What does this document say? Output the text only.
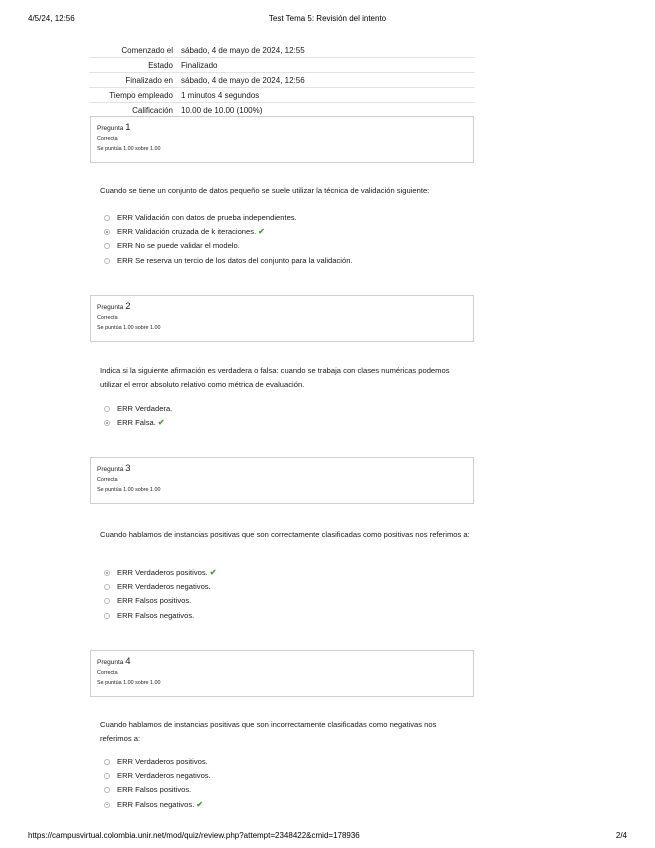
4/5/24, 12:56	Test Tema 5: Revisión del intento
Comenzado el	sábado, 4 de mayo de 2024, 12:55
Estado	Finalizado
Finalizado en	sábado, 4 de mayo de 2024, 12:56
Tiempo empleado	1 minutos 4 segundos
Calificación	10.00 de 10.00 (100%)
Pregunta 1
Correcta
Se puntúa 1.00 sobre 1.00
Cuando se tiene un conjunto de datos pequeño se suele utilizar la técnica de validación siguiente:
ERR Validación con datos de prueba independientes.
ERR Validación cruzada de k iteraciones. ✔
ERR No se puede validar el modelo.
ERR Se reserva un tercio de los datos del conjunto para la validación.
Pregunta 2
Correcta
Se puntúa 1.00 sobre 1.00
Indica si la siguiente afirmación es verdadera o falsa: cuando se trabaja con clases numéricas podemos utilizar el error absoluto relativo como métrica de evaluación.
ERR Verdadera.
ERR Falsa. ✔
Pregunta 3
Correcta
Se puntúa 1.00 sobre 1.00
Cuando hablamos de instancias positivas que son correctamente clasificadas como positivas nos referimos a:
ERR Verdaderos positivos. ✔
ERR Verdaderos negativos.
ERR Falsos positivos.
ERR Falsos negativos.
Pregunta 4
Correcta
Se puntúa 1.00 sobre 1.00
Cuando hablamos de instancias positivas que son incorrectamente clasificadas como negativas nos referimos a:
ERR Verdaderos positivos.
ERR Verdaderos negativos.
ERR Falsos positivos.
ERR Falsos negativos. ✔
https://campusvirtual.colombia.unir.net/mod/quiz/review.php?attempt=2348422&cmid=178936	2/4
